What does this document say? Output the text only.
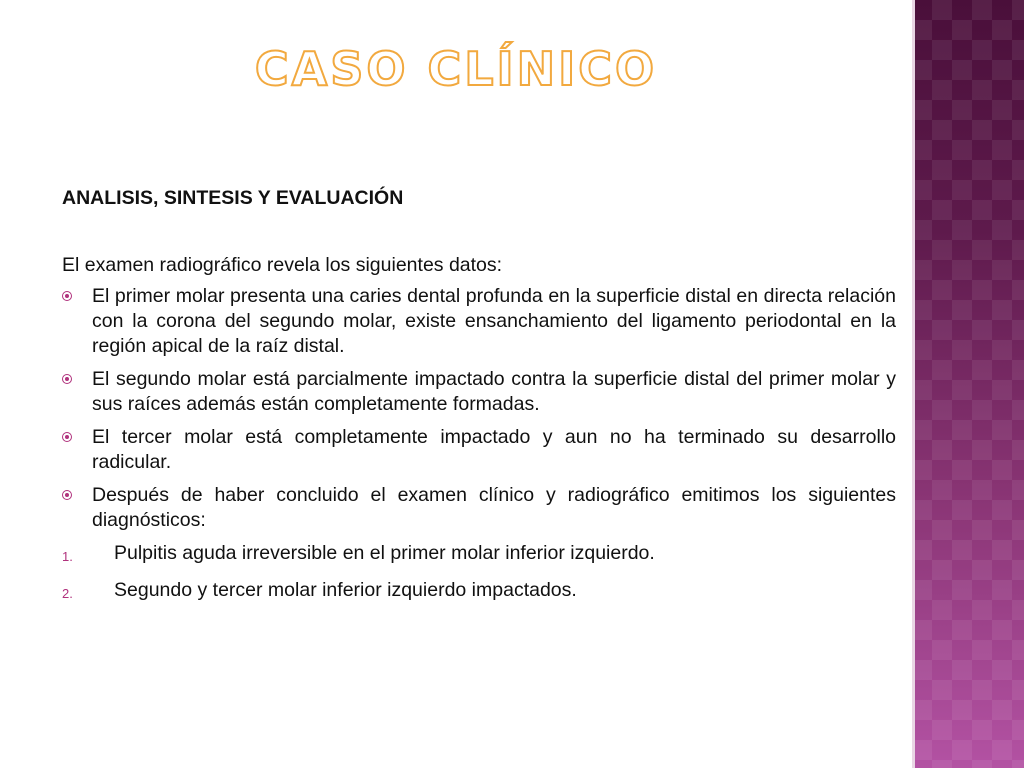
CASO CLÍNICO
ANALISIS, SINTESIS Y EVALUACIÓN
El examen radiográfico revela los siguientes datos:
El primer molar presenta una caries dental profunda en la superficie distal en directa relación con la corona del segundo molar, existe ensanchamiento del ligamento periodontal en la región apical de la raíz distal.
El segundo molar está parcialmente impactado contra la superficie distal del primer molar y sus raíces además están completamente formadas.
El tercer molar está completamente impactado y aun no ha terminado su desarrollo radicular.
Después de haber concluido el examen clínico y radiográfico emitimos los siguientes diagnósticos:
1. Pulpitis aguda irreversible en el primer molar inferior izquierdo.
2. Segundo y tercer molar inferior izquierdo impactados.
